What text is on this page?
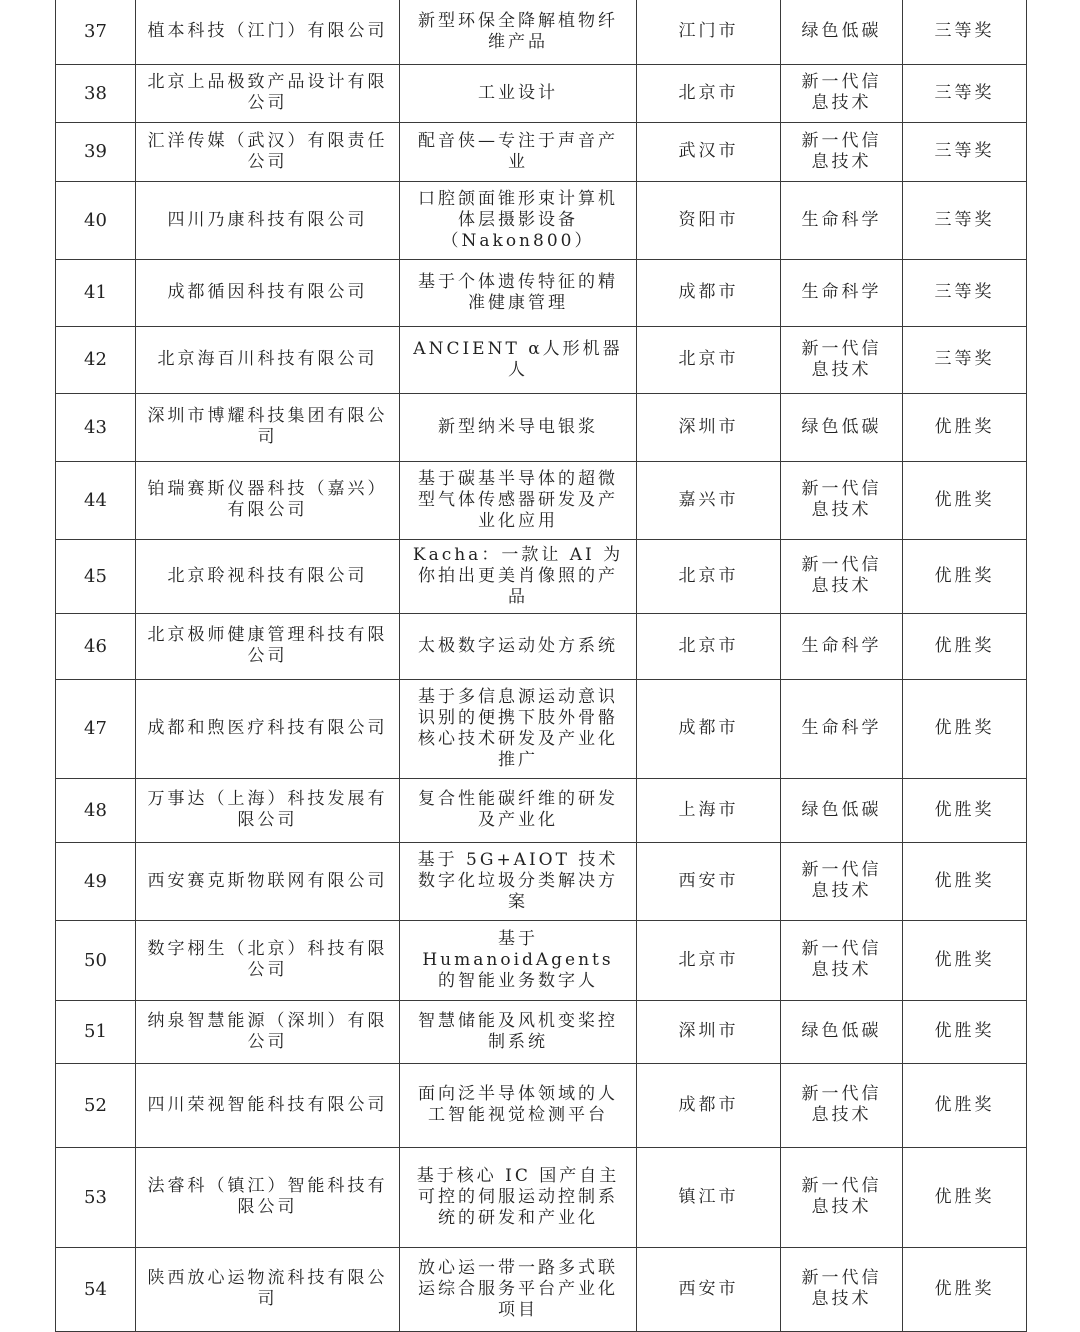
37	植本科技（江门）有限公司	新型环保全降解植物纤维产品	江门市	绿色低碳	三等奖
38	北京上品极致产品设计有限公司	工业设计	北京市	新一代信息技术	三等奖
39	汇洋传媒（武汉）有限责任公司	配音侠—专注于声音产业	武汉市	新一代信息技术	三等奖
40	四川乃康科技有限公司	口腔颌面锥形束计算机体层摄影设备（Nakon800）	资阳市	生命科学	三等奖
41	成都循因科技有限公司	基于个体遗传特征的精准健康管理	成都市	生命科学	三等奖
42	北京海百川科技有限公司	ANCIENT α人形机器人	北京市	新一代信息技术	三等奖
43	深圳市博耀科技集团有限公司	新型纳米导电银浆	深圳市	绿色低碳	优胜奖
44	铂瑞赛斯仪器科技（嘉兴）有限公司	基于碳基半导体的超微型气体传感器研发及产业化应用	嘉兴市	新一代信息技术	优胜奖
45	北京聆视科技有限公司	Kacha：一款让 AI 为你拍出更美肖像照的产品	北京市	新一代信息技术	优胜奖
46	北京极师健康管理科技有限公司	太极数字运动处方系统	北京市	生命科学	优胜奖
47	成都和煦医疗科技有限公司	基于多信息源运动意识识别的便携下肢外骨骼核心技术研发及产业化推广	成都市	生命科学	优胜奖
48	万事达（上海）科技发展有限公司	复合性能碳纤维的研发及产业化	上海市	绿色低碳	优胜奖
49	西安赛克斯物联网有限公司	基于 5G+AIOT 技术数字化垃圾分类解决方案	西安市	新一代信息技术	优胜奖
50	数字栩生（北京）科技有限公司	基于 HumanoidAgents 的智能业务数字人	北京市	新一代信息技术	优胜奖
51	纳泉智慧能源（深圳）有限公司	智慧储能及风机变桨控制系统	深圳市	绿色低碳	优胜奖
52	四川荣视智能科技有限公司	面向泛半导体领域的人工智能视觉检测平台	成都市	新一代信息技术	优胜奖
53	法睿科（镇江）智能科技有限公司	基于核心 IC 国产自主可控的伺服运动控制系统的研发和产业化	镇江市	新一代信息技术	优胜奖
54	陕西放心运物流科技有限公司	放心运一带一路多式联运综合服务平台产业化项目	西安市	新一代信息技术	优胜奖
